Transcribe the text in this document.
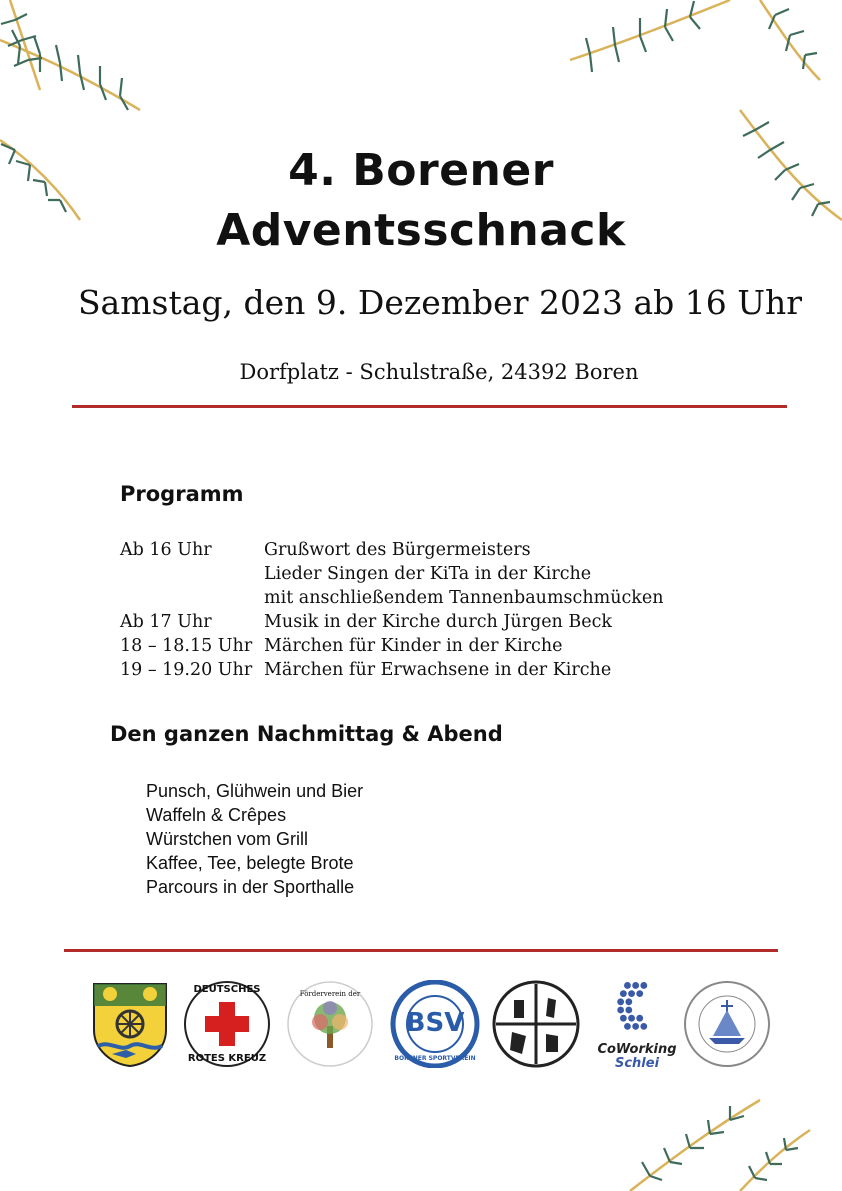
4. Borener
Adventsschnack
Samstag, den 9. Dezember 2023 ab 16 Uhr
Dorfplatz - Schulstraße, 24392 Boren
Programm
Ab 16 Uhr	Grußwort des Bürgermeisters
Lieder Singen der KiTa in der Kirche
mit anschließendem Tannenbaumschmücken
Ab 17 Uhr	Musik in der Kirche durch Jürgen Beck
18 – 18.15 Uhr Märchen für Kinder in der Kirche
19 – 19.20 Uhr Märchen für Erwachsene in der Kirche
Den ganzen Nachmittag & Abend
Punsch, Glühwein und Bier
Waffeln & Crêpes
Würstchen vom Grill
Kaffee, Tee, belegte Brote
Parcours in der Sporthalle
DEUTSCHES
ROTES KREUZ
Förderverein der
BSV
BORENER SPORTVEREIN
CoWorking
Schlei
